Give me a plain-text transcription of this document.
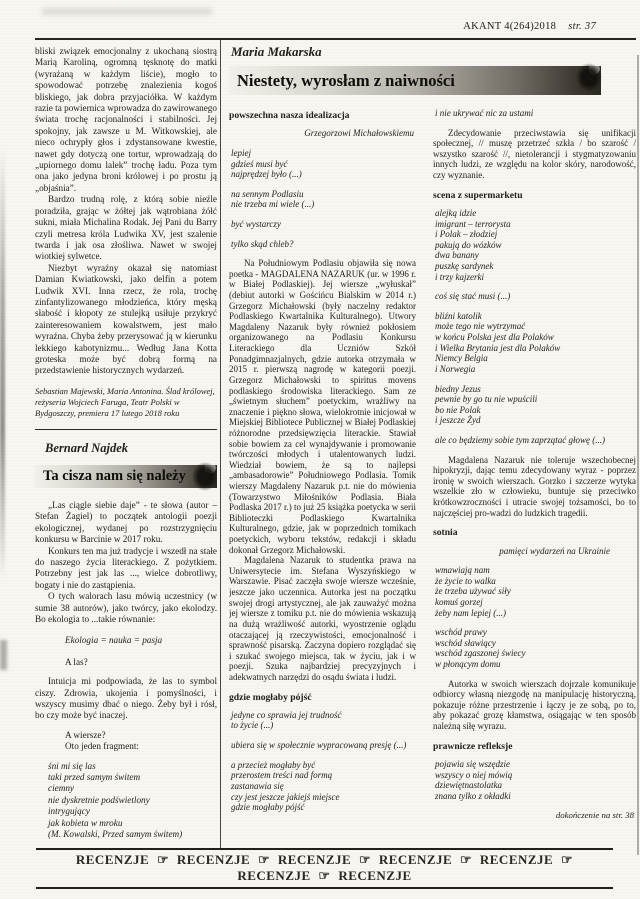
AKANT 4(264)2018 str. 37
bliski związek emocjonalny z ukochaną siostrą Marią Karoliną, ogromną tęsknotę do matki (wyrażaną w każdym liście), mogło to spowodować potrzebę znalezienia kogoś bliskiego, jak dobra przyjaciółka. W każdym razie ta powiernica wprowadza do zawirowanego świata trochę racjonalności i stabilności. Jej spokojny, jak zawsze u M. Witkowskiej, ale nieco ochrypły głos i zdystansowane kwestie, nawet gdy dotyczą one tortur, wprowadzają do „upiornego domu lalek” trochę ładu. Poza tym ona jako jedyna broni królowej i po prostu ją „objaśnia”.
Bardzo trudną rolę, z którą sobie nieźle poradziła, grając w żółtej jak wątrobiana żółć sukni, miała Michalina Rodak. Jej Pani du Barry czyli metresa króla Ludwika XV, jest szalenie twarda i jak osa złośliwa. Nawet w swojej wiotkiej sylwetce.
Niezbyt wyraźny okazał się natomiast Damian Kwiatkowski, jako delfin a potem Ludwik XVI. Inna rzecz, że rola, trochę zinfantylizowanego młodzieńca, który męską słabość i kłopoty ze stulejką usiłuje przykryć zainteresowaniem kowalstwem, jest mało wyraźna. Chyba żeby przerysować ją w kierunku lekkiego kabotynizmu... Według Jana Kotta groteska może być dobrą formą na przedstawienie historycznych wydarzeń.
Sebastian Majewski, Maria Antonina. Ślad królowej, reżyseria Wojciech Faruga, Teatr Polski w Bydgoszczy, premiera 17 lutego 2018 roku
Bernard Najdek
Ta cisza nam się należy
„Las ciągle siebie daje” - te słowa (autor – Stefan Żagiel) to początek antologii poezji ekologicznej, wydanej po rozstrzygnięciu konkursu w Barcinie w 2017 roku.
Konkurs ten ma już tradycje i wszedł na stałe do naszego życia literackiego. Z pożytkiem. Potrzebny jest jak las ..., wielce dobrotliwy, bogaty i nie do zastąpienia.
O tych walorach lasu mówią uczestnicy (w sumie 38 autorów), jako twórcy, jako ekolodzy. Bo ekologia to ...takie równanie:
Ekologia = nauka = pasja
A las?
Intuicja mi podpowiada, że las to symbol ciszy. Zdrowia, ukojenia i pomyślności, i wszyscy musimy dbać o niego. Żeby był i rósł, bo czy może być inaczej.
A wiersze?
Oto jeden fragment:
śni mi się las
taki przed samym świtem
ciemny
nie dyskretnie podświetlony
intrygujący
jak kobieta w mroku
(M. Kowalski, Przed samym świtem)
Maria Makarska
Niestety, wyrosłam z naiwności
powszechna nasza idealizacja
Grzegorzowi Michałowskiemu
lepiej
gdzieś musi być
najprędzej było (...)
na sennym Podlasiu
nie trzeba mi wiele (...)
być wystarczy
tylko skąd chleb?
Na Południowym Podlasiu objawiła się nowa poetka - MAGDALENA NAZARUK (ur. w 1996 r. w Białej Podlaskiej). Jej wiersze „wyłuskał” (debiut autorki w Gościńcu Bialskim w 2014 r.) Grzegorz Michałowski (były naczelny redaktor Podlaskiego Kwartalnika Kulturalnego). Utwory Magdaleny Nazaruk były również pokłosiem organizowanego na Podlasiu Konkursu Literackiego dla Uczniów Szkół Ponadgimnazjalnych, gdzie autorka otrzymała w 2015 r. pierwszą nagrodę w kategorii poezji. Grzegorz Michałowski to spiritus movens podlaskiego środowiska literackiego. Sam ze „świetnym słuchem” poetyckim, wrażliwy na znaczenie i piękno słowa, wielokrotnie inicjował w Miejskiej Bibliotece Publicznej w Białej Podlaskiej różnorodne przedsięwzięcia literackie. Stawiał sobie bowiem za cel wynajdywanie i promowanie twórczości młodych i utalentowanych ludzi. Wiedział bowiem, że są to najlepsi „ambasadorowie” Południowego Podlasia. Tomik wierszy Magdaleny Nazaruk p.t. nie do mówienia (Towarzystwo Miłośników Podlasia. Biała Podlaska 2017 r.) to już 25 książka poetycka w serii Biblioteczki Podlaskiego Kwartalnika Kulturalnego, gdzie, jak w poprzednich tomikach poetyckich, wyboru tekstów, redakcji i składu dokonał Grzegorz Michałowski.
Magdalena Nazaruk to studentka prawa na Uniwersytecie im. Stefana Wyszyńskiego w Warszawie. Pisać zaczęła swoje wiersze wcześnie, jeszcze jako uczennica. Autorka jest na początku swojej drogi artystycznej, ale jak zauważyć można jej wiersze z tomiku p.t. nie do mówienia wskazują na dużą wrażliwość autorki, wyostrzenie oglądu otaczającej ją rzeczywistości, emocjonalność i sprawność pisarską. Zaczyna dopiero rozglądać się i szukać swojego miejsca, tak w życiu, jak i w poezji. Szuka najbardziej precyzyjnych i adekwatnych narzędzi do osądu świata i ludzi.
gdzie mogłaby pójść
jedyne co sprawia jej trudność
to życie (...)
ubiera się w społecznie wypracowaną presję (...)
a przecież mogłaby być
przerostem treści nad formą
zastanawia się
czy jest jeszcze jakiejś miejsce
gdzie mogłaby pójść
i nie ukrywać nic za ustami
Zdecydowanie przeciwstawia się unifikacji społecznej, // muszę przetrzeć szkła / bo szarość / wszystko szarość //, nietolerancji i stygmatyzowaniu innych ludzi, ze względu na kolor skóry, narodowość, czy wyznanie.
scena z supermarketu
alejką idzie
imigrant – terrorysta
i Polak – złodziej
pakują do wózków
dwa banany
puszkę sardynek
i trzy kajzerki
coś się stać musi (...)
bliźni katolik
może tego nie wytrzymać
w końcu Polska jest dla Polaków
i Wielka Brytania jest dla Polaków
Niemcy Belgia
i Norwegia
biedny Jezus
pewnie by go tu nie wpuścili
bo nie Polak
i jeszcze Żyd
ale co będziemy sobie tym zaprzątać głowę (...)
Magdalena Nazaruk nie toleruje wszechobecnej hipokryzji, dając temu zdecydowany wyraz - poprzez ironię w swoich wierszach. Gorzko i szczerze wytyka wszelkie zło w człowieku, buntuje się przeciwko krótkowzroczności i utracie swojej tożsamości, bo to najczęściej pro-wadzi do ludzkich tragedii.
sotnia
pamięci wydarzeń na Ukrainie
wmawiają nam
że życie to walka
że trzeba używać siły
komuś gorzej
żeby nam lepiej (...)
wschód prawy
wschód sławiący
wschód zgaszonej świecy
w płonącym domu
Autorka w swoich wierszach dojrzale komunikuje odbiorcy własną niezgodę na manipulację historyczną, pokazuje różne przestrzenie i łączy je ze sobą, po to, aby pokazać grozę kłamstwa, osiągając w ten sposób należną siłę wyrazu.
prawnicze refleksje
pojawia się wszędzie
wszyscy o niej mówią
dziewiętnastolatka
znana tylko z okładki
dokończenie na str. 38
RECENZJE ☞ RECENZJE ☞ RECENZJE ☞ RECENZJE ☞ RECENZJE ☞ RECENZJE ☞ RECENZJE
